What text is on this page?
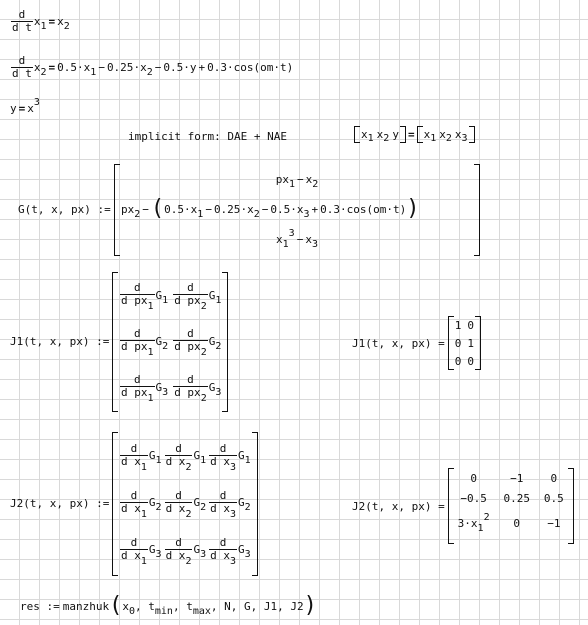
$\frac{d}{\text{d t}}$ x 1 = x 2
$\frac{d}{\text{d t}}$ x 2 = 0.5 · x 1 − 0.25 · x 2 − 0.5 · y + 0.3 · cos (om·t)
y = x 3
implicit form: DAE + NAE	x 1 x 2 y = x 1 x 2 x 3
G(t, x, px) :=
px 1 − x 2
px 2 − ( 0.5 · x 1 − 0.25 · x 2 − 0.5 · x 3 + 0.3 · cos (om·t) )
x 1
3 − x 3
J1(t, x, px) :=
$\frac{d}{\text{d px1}}$ G $1 \frac{d}{\text{d px2}}$ G 1
$\frac{d}{\text{d px1}}$ G $2 \frac{d}{\text{d px2}}$ G 2
$\frac{d}{\text{d px1}}$ G $3 \frac{d}{\text{d px2}}$ G 3
J1(t, x, px) =
1 0
0 1
0 0
J2(t, x, px) :=
$\frac{d}{\text{d x1}}$ G $1 \frac{d}{\text{d x2}}$ G $1 \frac{d}{\text{d x3}}$ G 1
$\frac{d}{\text{d x1}}$ G $2 \frac{d}{\text{d x2}}$ G $2 \frac{d}{\text{d x3}}$ G 2
$\frac{d}{\text{d x1}}$ G $3 \frac{d}{\text{d x2}}$ G $3 \frac{d}{\text{d x3}}$ G 3
J2(t, x, px) =
0	−1 0
−0.5 0.25 0.5
3·x 1
2 0 −1
res := manzhuk ( x 0 , t min , t max , N , G , J1 , J2 )
